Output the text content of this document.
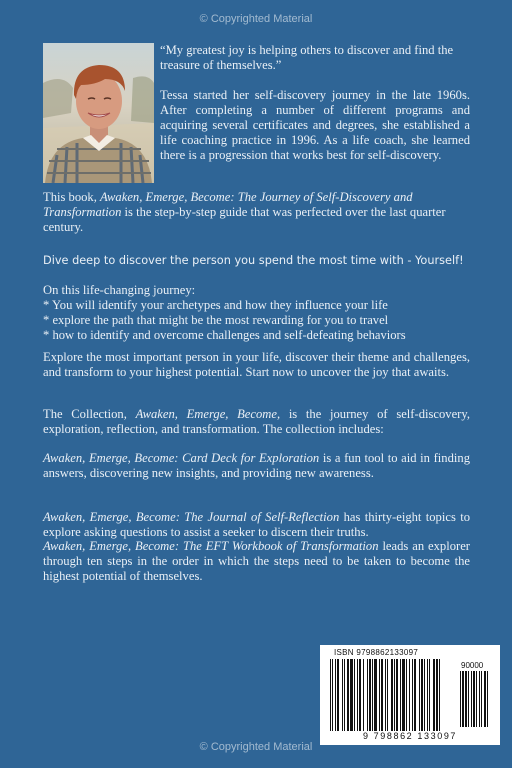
© Copyrighted Material
“My greatest joy is helping others to discover and find the treasure of themselves.”
Tessa started her self-discovery journey in the late 1960s. After completing a number of different programs and acquiring several certificates and degrees, she established a life coaching practice in 1996. As a life coach, she learned there is a progression that works best for self-discovery.
This book, Awaken, Emerge, Become: The Journey of Self-Discovery and Transformation is the step-by-step guide that was perfected over the last quarter century.
Dive deep to discover the person you spend the most time with - Yourself!
On this life-changing journey:
* You will identify your archetypes and how they influence your life
* explore the path that might be the most rewarding for you to travel
* how to identify and overcome challenges and self-defeating behaviors
Explore the most important person in your life, discover their theme and challenges, and transform to your highest potential. Start now to uncover the joy that awaits.
The Collection, Awaken, Emerge, Become, is the journey of self-discovery, exploration, reflection, and transformation. The collection includes:
Awaken, Emerge, Become: Card Deck for Exploration is a fun tool to aid in finding answers, discovering new insights, and providing new awareness.
Awaken, Emerge, Become: The Journal of Self-Reflection has thirty-eight topics to explore asking questions to assist a seeker to discern their truths.
Awaken, Emerge, Become: The EFT Workbook of Transformation leads an explorer through ten steps in the order in which the steps need to be taken to become the highest potential of themselves.
ISBN 9798862133097
90000
9 798862 133097
© Copyrighted Material
